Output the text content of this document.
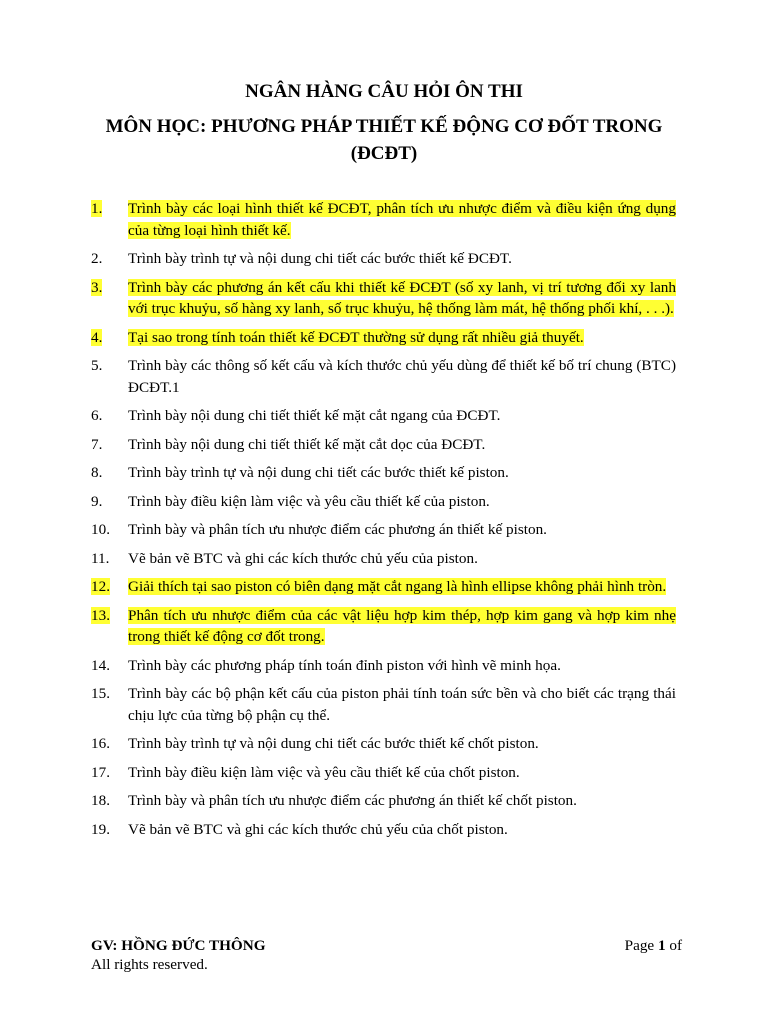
NGÂN HÀNG CÂU HỎI ÔN THI
MÔN HỌC: PHƯƠNG PHÁP THIẾT KẾ ĐỘNG CƠ ĐỐT TRONG (ĐCĐT)
1.	Trình bày các loại hình thiết kế ĐCĐT, phân tích ưu nhược điểm và điều kiện ứng dụng của từng loại hình thiết kế.
2.	Trình bày trình tự và nội dung chi tiết các bước thiết kế ĐCĐT.
3.	Trình bày các phương án kết cấu khi thiết kế ĐCĐT (số xy lanh, vị trí tương đối xy lanh với trục khuỷu, số hàng xy lanh, số trục khuỷu, hệ thống làm mát, hệ thống phối khí, . . .).
4.	Tại sao trong tính toán thiết kế ĐCĐT thường sử dụng rất nhiều giả thuyết.
5.	Trình bày các thông số kết cấu và kích thước chủ yếu dùng để thiết kế bố trí chung (BTC) ĐCĐT.1
6.	Trình bày nội dung chi tiết thiết kế mặt cắt ngang của ĐCĐT.
7.	Trình bày nội dung chi tiết thiết kế mặt cắt dọc của ĐCĐT.
8.	Trình bày trình tự và nội dung chi tiết các bước thiết kế piston.
9.	Trình bày điều kiện làm việc và yêu cầu thiết kế của piston.
10.	Trình bày và phân tích ưu nhược điểm các phương án thiết kế piston.
11.	Vẽ bản vẽ BTC và ghi các kích thước chủ yếu của piston.
12.	Giải thích tại sao piston có biên dạng mặt cắt ngang là hình ellipse không phải hình tròn.
13.	Phân tích ưu nhược điểm của các vật liệu hợp kim thép, hợp kim gang và hợp kim nhẹ trong thiết kế động cơ đốt trong.
14.	Trình bày các phương pháp tính toán đỉnh piston với hình vẽ minh họa.
15.	Trình bày các bộ phận kết cấu của piston phải tính toán sức bền và cho biết các trạng thái chịu lực của từng bộ phận cụ thể.
16.	Trình bày trình tự và nội dung chi tiết các bước thiết kế chốt piston.
17.	Trình bày điều kiện làm việc và yêu cầu thiết kế của chốt piston.
18.	Trình bày và phân tích ưu nhược điểm các phương án thiết kế chốt piston.
19.	Vẽ bản vẽ BTC và ghi các kích thước chủ yếu của chốt piston.
GV: HỒNG ĐỨC THÔNG	Page 1 of
All rights reserved.
